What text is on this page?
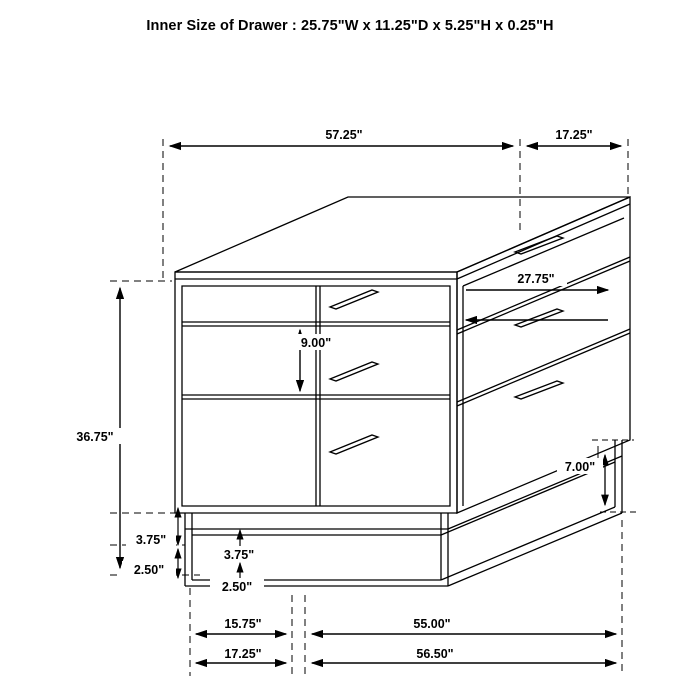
Inner Size of Drawer : 25.75"W x 11.25"D x 5.25"H x 0.25"H
57.25"	17.25"
27.75"
9.00"
36.75"
3.75"
2.50"
3.75"
2.50"
7.00"
15.75"	55.00"
17.25"	56.50"
